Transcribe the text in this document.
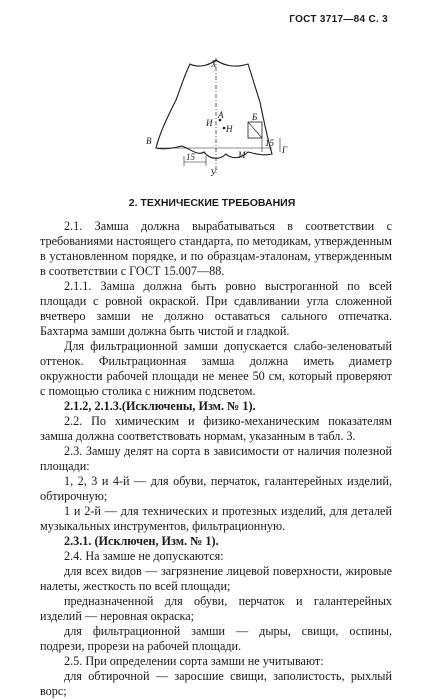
ГОСТ 3717—84 С. 3
Х
А
Н
И
Б
В
Г
М
У
15
15
2. ТЕХНИЧЕСКИЕ ТРЕБОВАНИЯ

2.1. Замша должна вырабатываться в соответствии с требованиями настоящего стандарта, по методикам, утвержденным в установленном порядке, и по образцам-эталонам, утвержденным в соответствии с ГОСТ 15.007—88.

2.1.1. Замша должна быть ровно выстроганной по всей площади с ровной окраской. При сдавливании угла сложенной вчетверо замши не должно оставаться сального отпечатка. Бахтарма замши должна быть чистой и гладкой.

Для фильтрационной замши допускается слабо-зеленоватый оттенок. Фильтрационная замша должна иметь диаметр окружности рабочей площади не менее 50 см, который проверяют с помощью столика с нижним подсветом.

2.1.2, 2.1.3.(Исключены, Изм. № 1).

2.2. По химическим и физико-механическим показателям замша должна соответствовать нормам, указанным в табл. 3.

2.3. Замшу делят на сорта в зависимости от наличия полезной площади:

1, 2, 3 и 4-й — для обуви, перчаток, галантерейных изделий, обтирочную;

1 и 2-й — для технических и протезных изделий, для деталей музыкальных инструментов, фильтрационную.

2.3.1. (Исключен, Изм. № 1).

2.4. На замше не допускаются:

для всех видов — загрязнение лицевой поверхности, жировые налеты, жесткость по всей площади;

предназначенной для обуви, перчаток и галантерейных изделий — неровная окраска;

для фильтрационной замши — дыры, свищи, оспины, подрези, прорези на рабочей площади.

2.5. При определении сорта замши не учитывают:

для обтирочной — заросшие свищи, заполистость, рыхлый ворс;
